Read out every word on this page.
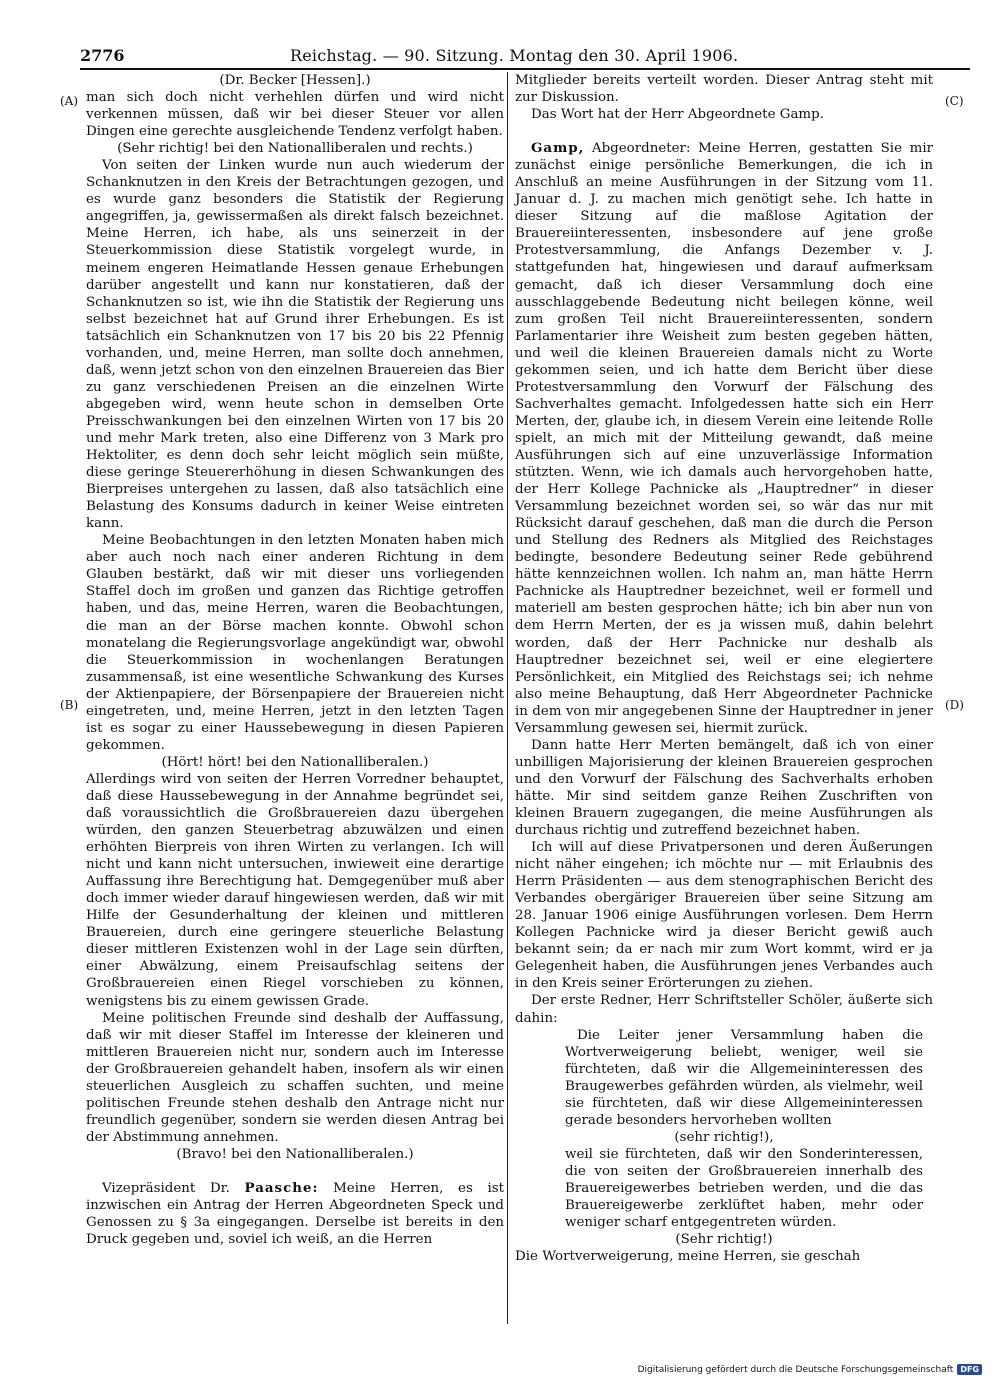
2776	Reichstag. — 90. Sitzung. Montag den 30. April 1906.
(A)
(B)
(C)
(D)

(Dr. Becker [Hessen].)

man sich doch nicht verhehlen dürfen und wird nicht verkennen müssen, daß wir bei dieser Steuer vor allen Dingen eine gerechte ausgleichende Tendenz verfolgt haben.

(Sehr richtig! bei den Nationalliberalen und rechts.)

Von seiten der Linken wurde nun auch wiederum der Schanknutzen in den Kreis der Betrachtungen gezogen, und es wurde ganz besonders die Statistik der Regierung angegriffen, ja, gewissermaßen als direkt falsch bezeichnet. Meine Herren, ich habe, als uns seinerzeit in der Steuerkommission diese Statistik vorgelegt wurde, in meinem engeren Heimatlande Hessen genaue Erhebungen darüber angestellt und kann nur konstatieren, daß der Schanknutzen so ist, wie ihn die Statistik der Regierung uns selbst bezeichnet hat auf Grund ihrer Erhebungen. Es ist tatsächlich ein Schanknutzen von 17 bis 20 bis 22 Pfennig vorhanden, und, meine Herren, man sollte doch annehmen, daß, wenn jetzt schon von den einzelnen Brauereien das Bier zu ganz verschiedenen Preisen an die einzelnen Wirte abgegeben wird, wenn heute schon in demselben Orte Preisschwankungen bei den einzelnen Wirten von 17 bis 20 und mehr Mark treten, also eine Differenz von 3 Mark pro Hektoliter, es denn doch sehr leicht möglich sein müßte, diese geringe Steuererhöhung in diesen Schwankungen des Bierpreises untergehen zu lassen, daß also tatsächlich eine Belastung des Konsums dadurch in keiner Weise eintreten kann.

Meine Beobachtungen in den letzten Monaten haben mich aber auch noch nach einer anderen Richtung in dem Glauben bestärkt, daß wir mit dieser uns vorliegenden Staffel doch im großen und ganzen das Richtige getroffen haben, und das, meine Herren, waren die Beobachtungen, die man an der Börse machen konnte. Obwohl schon monatelang die Regierungsvorlage angekündigt war, obwohl die Steuerkommission in wochenlangen Beratungen zusammensaß, ist eine wesentliche Schwankung des Kurses der Aktienpapiere, der Börsenpapiere der Brauereien nicht eingetreten, und, meine Herren, jetzt in den letzten Tagen ist es sogar zu einer Haussebewegung in diesen Papieren gekommen.

(Hört! hört! bei den Nationalliberalen.)

Allerdings wird von seiten der Herren Vorredner behauptet, daß diese Haussebewegung in der Annahme begründet sei, daß voraussichtlich die Großbrauereien dazu übergehen würden, den ganzen Steuerbetrag abzuwälzen und einen erhöhten Bierpreis von ihren Wirten zu verlangen. Ich will nicht und kann nicht untersuchen, inwieweit eine derartige Auffassung ihre Berechtigung hat. Demgegenüber muß aber doch immer wieder darauf hingewiesen werden, daß wir mit Hilfe der Gesunderhaltung der kleinen und mittleren Brauereien, durch eine geringere steuerliche Belastung dieser mittleren Existenzen wohl in der Lage sein dürften, einer Abwälzung, einem Preisaufschlag seitens der Großbrauereien einen Riegel vorschieben zu können, wenigstens bis zu einem gewissen Grade.

Meine politischen Freunde sind deshalb der Auffassung, daß wir mit dieser Staffel im Interesse der kleineren und mittleren Brauereien nicht nur, sondern auch im Interesse der Großbrauereien gehandelt haben, insofern als wir einen steuerlichen Ausgleich zu schaffen suchten, und meine politischen Freunde stehen deshalb den Antrage nicht nur freundlich gegenüber, sondern sie werden diesen Antrag bei der Abstimmung annehmen.

(Bravo! bei den Nationalliberalen.)

Vizepräsident Dr. Paasche: Meine Herren, es ist inzwischen ein Antrag der Herren Abgeordneten Speck und Genossen zu § 3a eingegangen. Derselbe ist bereits in den Druck gegeben und, soviel ich weiß, an die Herren

Mitglieder bereits verteilt worden. Dieser Antrag steht mit zur Diskussion.

Das Wort hat der Herr Abgeordnete Gamp.

Gamp, Abgeordneter: Meine Herren, gestatten Sie mir zunächst einige persönliche Bemerkungen, die ich in Anschluß an meine Ausführungen in der Sitzung vom 11. Januar d. J. zu machen mich genötigt sehe. Ich hatte in dieser Sitzung auf die maßlose Agitation der Brauereiinteressenten, insbesondere auf jene große Protestversammlung, die Anfangs Dezember v. J. stattgefunden hat, hingewiesen und darauf aufmerksam gemacht, daß ich dieser Versammlung doch eine ausschlaggebende Bedeutung nicht beilegen könne, weil zum großen Teil nicht Brauereiinteressenten, sondern Parlamentarier ihre Weisheit zum besten gegeben hätten, und weil die kleinen Brauereien damals nicht zu Worte gekommen seien, und ich hatte dem Bericht über diese Protestversammlung den Vorwurf der Fälschung des Sachverhaltes gemacht. Infolgedessen hatte sich ein Herr Merten, der, glaube ich, in diesem Verein eine leitende Rolle spielt, an mich mit der Mitteilung gewandt, daß meine Ausführungen sich auf eine unzuverlässige Information stützten. Wenn, wie ich damals auch hervorgehoben hatte, der Herr Kollege Pachnicke als „Hauptredner“ in dieser Versammlung bezeichnet worden sei, so wär das nur mit Rücksicht darauf geschehen, daß man die durch die Person und Stellung des Redners als Mitglied des Reichstages bedingte, besondere Bedeutung seiner Rede gebührend hätte kennzeichnen wollen. Ich nahm an, man hätte Herrn Pachnicke als Hauptredner bezeichnet, weil er formell und materiell am besten gesprochen hätte; ich bin aber nun von dem Herrn Merten, der es ja wissen muß, dahin belehrt worden, daß der Herr Pachnicke nur deshalb als Hauptredner bezeichnet sei, weil er eine elegiertere Persönlichkeit, ein Mitglied des Reichstags sei; ich nehme also meine Behauptung, daß Herr Abgeordneter Pachnicke in dem von mir angegebenen Sinne der Hauptredner in jener Versammlung gewesen sei, hiermit zurück.

Dann hatte Herr Merten bemängelt, daß ich von einer unbilligen Majorisierung der kleinen Brauereien gesprochen und den Vorwurf der Fälschung des Sachverhalts erhoben hätte. Mir sind seitdem ganze Reihen Zuschriften von kleinen Brauern zugegangen, die meine Ausführungen als durchaus richtig und zutreffend bezeichnet haben.

Ich will auf diese Privatpersonen und deren Äußerungen nicht näher eingehen; ich möchte nur — mit Erlaubnis des Herrn Präsidenten — aus dem stenographischen Bericht des Verbandes obergäriger Brauereien über seine Sitzung am 28. Januar 1906 einige Ausführungen vorlesen. Dem Herrn Kollegen Pachnicke wird ja dieser Bericht gewiß auch bekannt sein; da er nach mir zum Wort kommt, wird er ja Gelegenheit haben, die Ausführungen jenes Verbandes auch in den Kreis seiner Erörterungen zu ziehen.

Der erste Redner, Herr Schriftsteller Schöler, äußerte sich dahin:

Die Leiter jener Versammlung haben die Wortverweigerung beliebt, weniger, weil sie fürchteten, daß wir die Allgemeininteressen des Braugewerbes gefährden würden, als vielmehr, weil sie fürchteten, daß wir diese Allgemeininteressen gerade besonders hervorheben wollten

(sehr richtig!),

weil sie fürchteten, daß wir den Sonderinteressen, die von seiten der Großbrauereien innerhalb des Brauereigewerbes betrieben werden, und die das Brauereigewerbe zerklüftet haben, mehr oder weniger scharf entgegentreten würden.

(Sehr richtig!)

Die Wortverweigerung, meine Herren, sie geschah

Digitalisierung gefördert durch die Deutsche Forschungsgemeinschaft DFG
